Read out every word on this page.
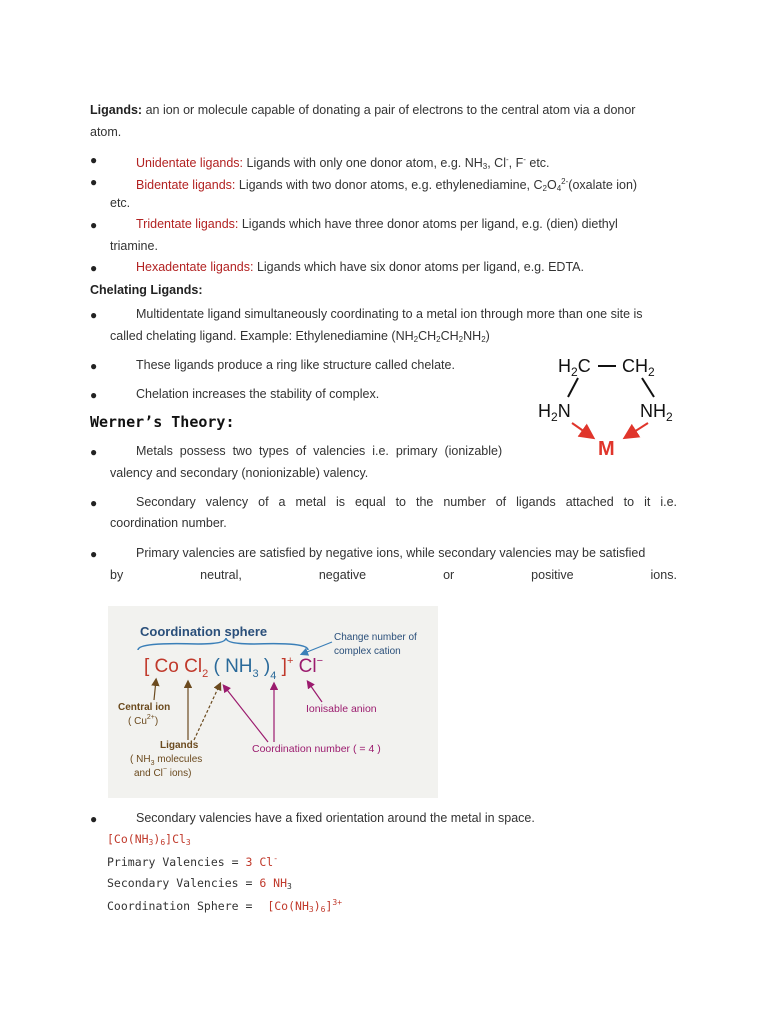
Ligands: an ion or molecule capable of donating a pair of electrons to the central atom via a donor
atom.
●	Unidentate ligands: Ligands with only one donor atom, e.g. $NH_3$, Cl-, F- etc.
●	Bidentate ligands: Ligands with two donor atoms, e.g. ethylenediamine, $C_2O_4^{2-}(oxalate$ ion)
etc.
●	Tridentate ligands: Ligands which have three donor atoms per ligand, e.g. (dien) diethyl
triamine.
●	Hexadentate ligands: Ligands which have six donor atoms per ligand, e.g. EDTA.
Chelating Ligands:
●	Multidentate ligand simultaneously coordinating to a metal ion through more than one site is
called chelating ligand. Example: Ethylenediamine $(NH_2CH_2CH_2NH_2)$
●	These ligands produce a ring like structure called chelate.
●	Chelation increases the stability of complex.
$H_2C$ $CH_2$
$H_2N$	$NH_2$
M
Werner’s Theory:
●	Metals  possess  two  types  of  valencies  i.e.  primary  (ionizable)
valency and secondary (nonionizable) valency.
●	Secondary valency of a metal is equal to the number of ligands attached to it i.e.
coordination number.
●	Primary valencies are satisfied by negative ions, while secondary valencies may be satisfied
by	neutral,	negative	or	positive	ions.
Coordination sphere
[ Co $Cl_2$ ( $NH_3$ )$_4$ ]+ Cl−
Change number of
complex cation
Ionisable anion
Central ion
( $Cu^{2+}$)
Ligands
( $NH_3$ molecules
and Cl− ions)
Coordination number ( = 4 )
●	Secondary valencies have a fixed orientation around the metal in space.
$[Co(NH_3)_6]Cl_3$
Primary Valencies = 3 Cl-
Secondary Valencies = 6 $NH_3$
Coordination Sphere = $[Co(NH_3)_6]^{3+}$
